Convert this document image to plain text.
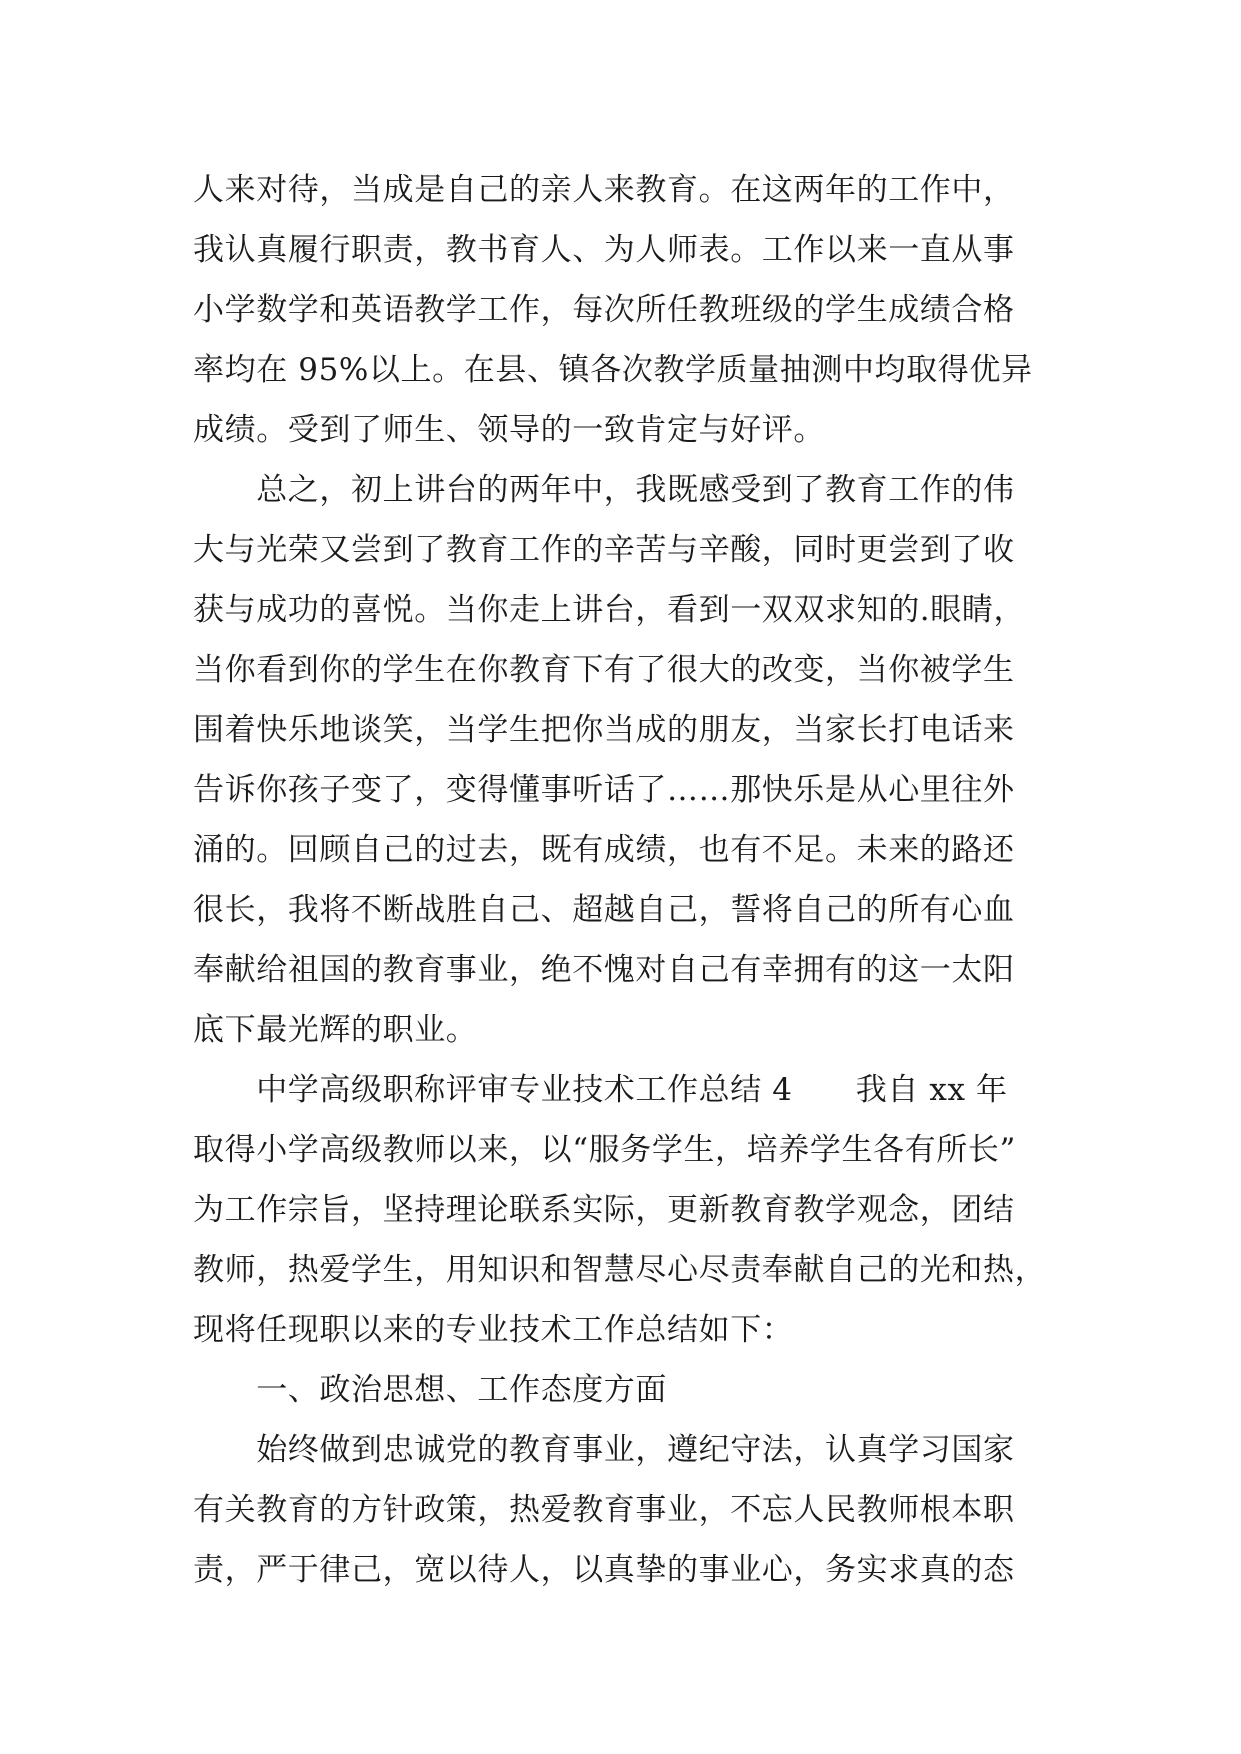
人来对待，当成是自己的亲人来教育。在这两年的工作中，
我认真履行职责，教书育人、为人师表。工作以来一直从事
小学数学和英语教学工作，每次所任教班级的学生成绩合格
率均在 95%以上。在县、镇各次教学质量抽测中均取得优异
成绩。受到了师生、领导的一致肯定与好评。
　　总之，初上讲台的两年中，我既感受到了教育工作的伟
大与光荣又尝到了教育工作的辛苦与辛酸，同时更尝到了收
获与成功的喜悦。当你走上讲台，看到一双双求知的.眼睛，
当你看到你的学生在你教育下有了很大的改变，当你被学生
围着快乐地谈笑，当学生把你当成的朋友，当家长打电话来
告诉你孩子变了，变得懂事听话了……那快乐是从心里往外
涌的。回顾自己的过去，既有成绩，也有不足。未来的路还
很长，我将不断战胜自己、超越自己，誓将自己的所有心血
奉献给祖国的教育事业，绝不愧对自己有幸拥有的这一太阳
底下最光辉的职业。
　　中学高级职称评审专业技术工作总结 4　　我自 xx 年
取得小学高级教师以来，以“服务学生，培养学生各有所长”
为工作宗旨，坚持理论联系实际，更新教育教学观念，团结
教师，热爱学生，用知识和智慧尽心尽责奉献自己的光和热，
现将任现职以来的专业技术工作总结如下：
　　一、政治思想、工作态度方面
　　始终做到忠诚党的教育事业，遵纪守法，认真学习国家
有关教育的方针政策，热爱教育事业，不忘人民教师根本职
责，严于律己，宽以待人，以真挚的事业心，务实求真的态
